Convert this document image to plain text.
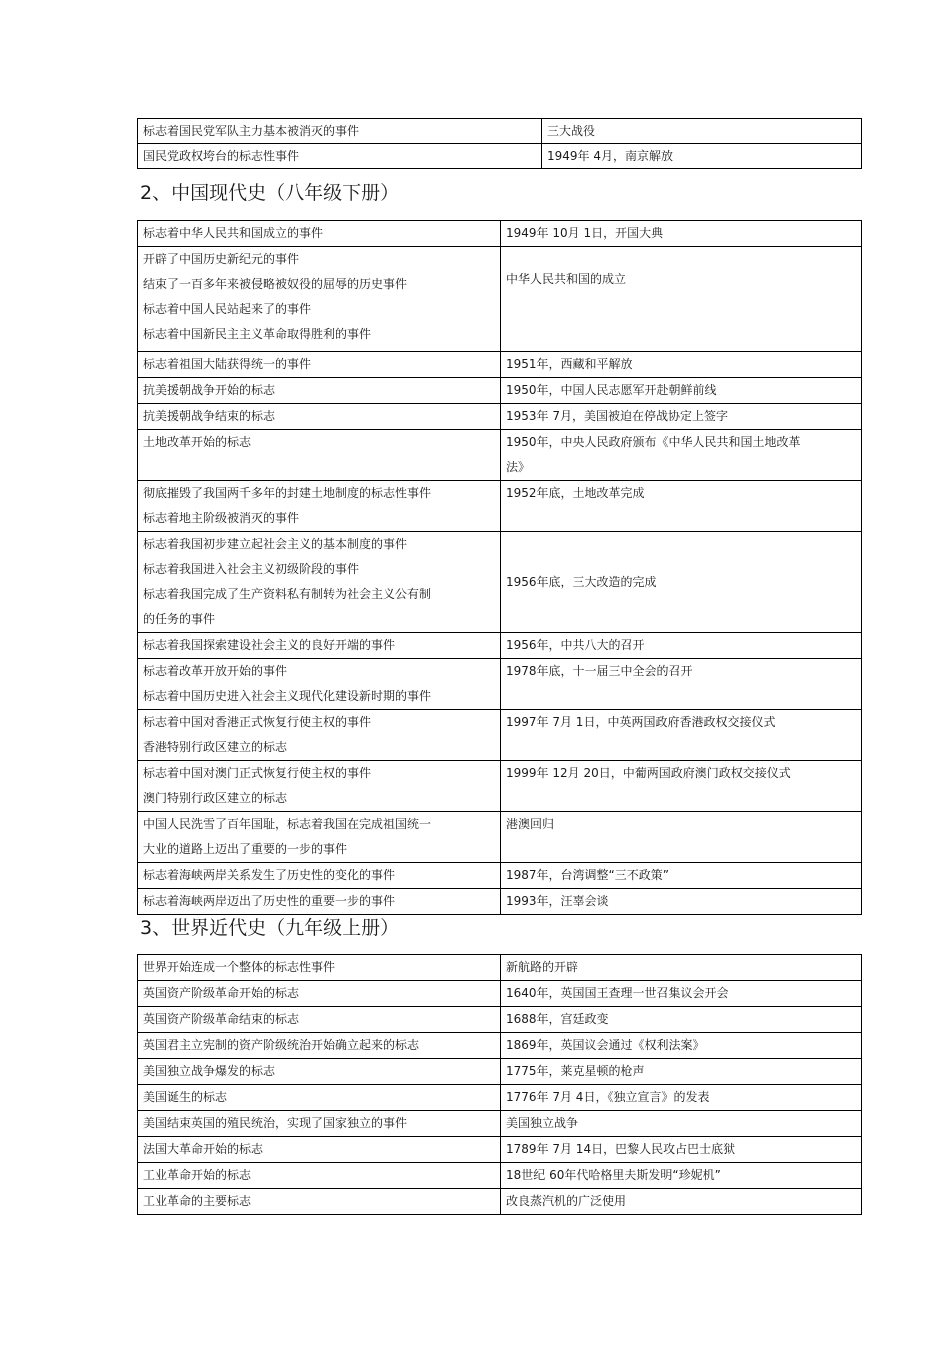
标志着国民党军队主力基本被消灭的事件	三大战役

国民党政权垮台的标志性事件	1949年 4月，南京解放
2、中国现代史（八年级下册）
标志着中华人民共和国成立的事件	1949年 10月 1日，开国大典

开辟了中国历史新纪元的事件
结束了一百多年来被侵略被奴役的屈辱的历史事件
标志着中国人民站起来了的事件
标志着中国新民主主义革命取得胜利的事件	中华人民共和国的成立

标志着祖国大陆获得统一的事件	1951年，西藏和平解放

抗美援朝战争开始的标志	1950年，中国人民志愿军开赴朝鲜前线

抗美援朝战争结束的标志	1953年 7月，美国被迫在停战协定上签字

土地改革开始的标志	1950年，中央人民政府颁布《中华人民共和国土地改革
法》

彻底摧毁了我国两千多年的封建土地制度的标志性事件
标志着地主阶级被消灭的事件	1952年底，土地改革完成

标志着我国初步建立起社会主义的基本制度的事件
标志着我国进入社会主义初级阶段的事件
标志着我国完成了生产资料私有制转为社会主义公有制
的任务的事件	1956年底，三大改造的完成

标志着我国探索建设社会主义的良好开端的事件	1956年，中共八大的召开

标志着改革开放开始的事件
标志着中国历史进入社会主义现代化建设新时期的事件	1978年底，十一届三中全会的召开

标志着中国对香港正式恢复行使主权的事件
香港特别行政区建立的标志	1997年 7月 1日，中英两国政府香港政权交接仪式

标志着中国对澳门正式恢复行使主权的事件
澳门特别行政区建立的标志	1999年 12月 20日，中葡两国政府澳门政权交接仪式

中国人民洗雪了百年国耻，标志着我国在完成祖国统一
大业的道路上迈出了重要的一步的事件	港澳回归

标志着海峡两岸关系发生了历史性的变化的事件	1987年，台湾调整“三不政策”

标志着海峡两岸迈出了历史性的重要一步的事件	1993年，汪辜会谈
3、世界近代史（九年级上册）
世界开始连成一个整体的标志性事件	新航路的开辟

英国资产阶级革命开始的标志	1640年，英国国王查理一世召集议会开会

英国资产阶级革命结束的标志	1688年，宫廷政变

英国君主立宪制的资产阶级统治开始确立起来的标志	1869年，英国议会通过《权利法案》

美国独立战争爆发的标志	1775年，莱克星顿的枪声

美国诞生的标志	1776年 7月 4日，《独立宣言》的发表

美国结束英国的殖民统治，实现了国家独立的事件	美国独立战争

法国大革命开始的标志	1789年 7月 14日，巴黎人民攻占巴士底狱

工业革命开始的标志	18世纪 60年代哈格里夫斯发明“珍妮机”

工业革命的主要标志	改良蒸汽机的广泛使用
